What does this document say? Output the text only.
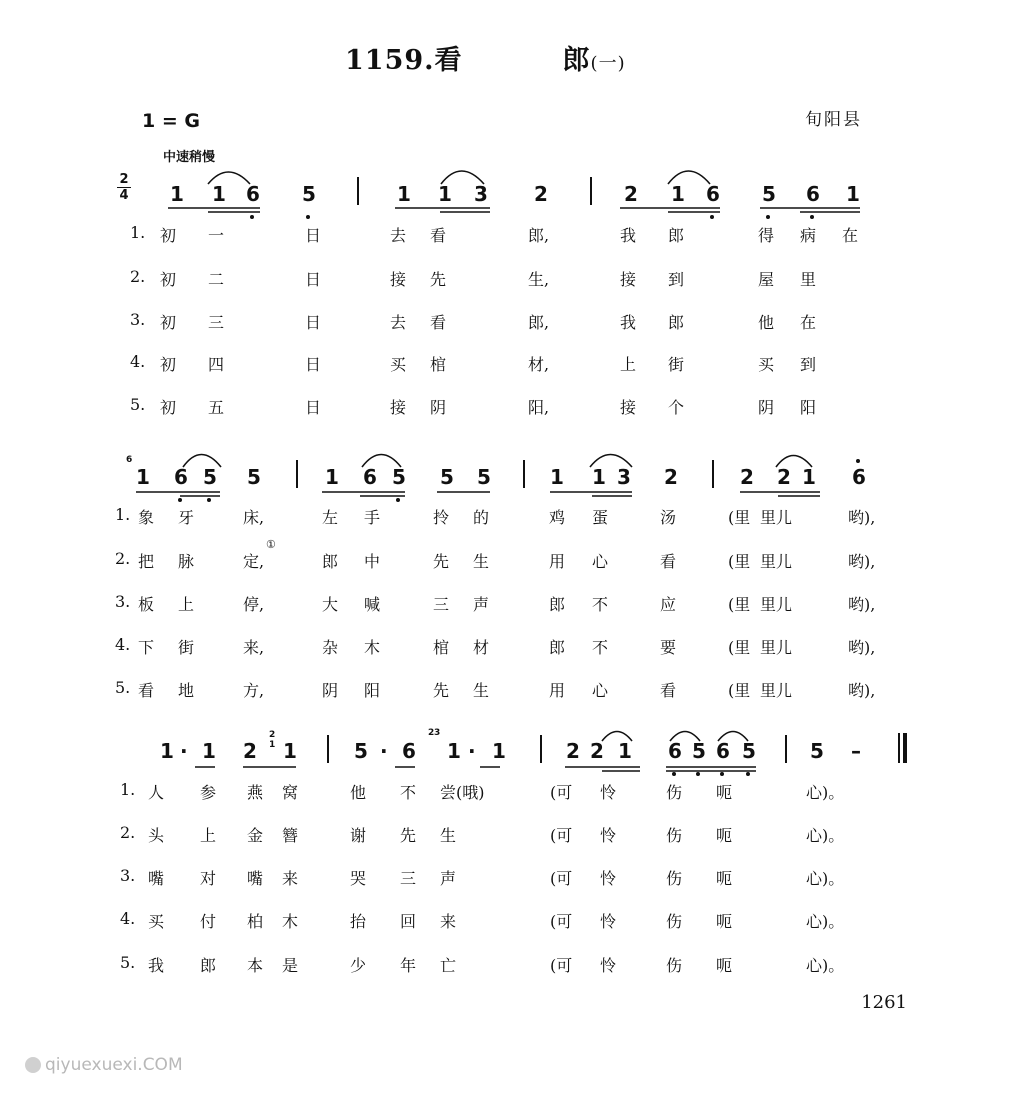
1159.看	郎(一)
1 = G	旬阳县
中速稍慢
2
4 1 1 6 5	1 1 3 2	2 1 6 5 6 1
1. 初 一	日	去 看	郎,	我 郎	得 病 在
2. 初 二	日	接 先	生,	接 到	屋 里
3. 初 三	日	去 看	郎,	我 郎	他 在
4. 初 四	日	买 棺	材,	上 街	买 到
5. 初 五	日	接 阴	阳,	接 个	阴 阳
1 6 5 5	1 6 5 5 5	1 1 3 2	2 2 1 6
1. 象 牙	床,	左 手	拎 的	鸡 蛋	汤	(里 里儿	哟),
2. 把 脉	定,	郎 中	先 生	用 心	看	(里 里儿	哟),
3. 板 上	停,	大 喊	三 声	郎 不	应	(里 里儿	哟),
4. 下 街	来,	杂 木	棺 材	郎 不	要	(里 里儿	哟),
5. 看 地	方,	阴 阳	先 生	用 心	看	(里 里儿	哟),
1 · 1 2 1	5 · 6 1 · 1	2 2 1 6 5 6 5	5 –
1. 人 参 燕 窝	他 不 尝(哦)	(可 怜	伤 呃	心)。
2. 头 上 金 簪	谢 先 生	(可 怜	伤 呃	心)。
3. 嘴 对 嘴 来	哭 三 声	(可 怜	伤 呃	心)。
4. 买 付 柏 木	抬 回 来	(可 怜	伤 呃	心)。
5. 我 郎 本 是	少 年 亡	(可 怜	伤 呃	心)。
1261
qiyuexuexi.COM
①
6
2
1
2 3
